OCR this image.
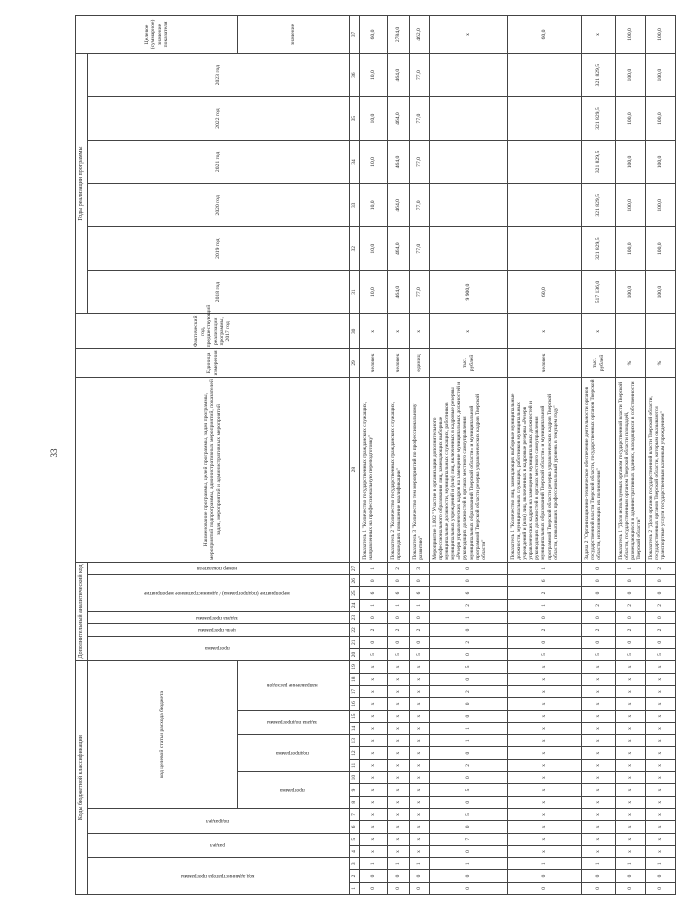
33
Коды бюджетной классификации																			Дополнительный аналитический код								Наименование программы, целей программы, задач программы, мероприятий подпрограммы, административных мероприятий, показателей задач, мероприятий и административных мероприятий	Единица измерения	Фактический год, предшествующий реализации программы, 2017 год	Годы реализации программы						Целевое (суммарное) значение показателя
код администратора программы			раздел		подраздел		код целевой статьи расхода бюджета												программа		цель программы	задача программы	мероприятие (подпрограмма) / административное мероприятие			номер показателя				2018 год	2019 год	2020 год	2021 год	2022 год	2023 год	
							программа			подпрограмма			задача подпрограммы		направление расходов																					значение
1	2	3	4	5	6	7	8	9	10	11	12	13	14	15	16	17	18	19	20	21	22	23	24	25	26	27	28	29	30	31	32	33	34	35	36	37
0	0	1	x	x	x	x	x	x	x	x	x	x	x	x	x	x	x	x	5	0	2	0	1	6	0	1	Показатель 1 "Количество государственных гражданских служащих, направленных на профессиональную переподготовку"	человек	x	10,0	10,0	10,0	10,0	10,0	10,0	60,0
0	0	1	x	x	x	x	x	x	x	x	x	x	x	x	x	x	x	x	5	0	2	0	1	6	0	2	Показатель 2 "Количество государственных гражданских служащих, прошедших повышение квалификации"	человек	x	464,0	464,0	464,0	464,0	464,0	464,0	2784,0
0	0	1	x	x	x	x	x	x	x	x	x	x	x	x	x	x	x	x	5	0	2	0	1	6	0	3	Показатель 3 "Количество тем мероприятий по профессиональному развитию"	единиц	x	77,0	77,0	77,0	77,0	77,0	77,0	462,0
0	0	1	0	7	0	5	0	5	0	2	0	1	1	0	0	2	0	5	0	2	0	1	2	6	0	0	Мероприятие 1.002 "Участие в организации дополнительного профессионального образования лиц, замещающих выборные муниципальные должности, муниципальных служащих, работников муниципальных учреждений и (или) лиц, включенных в кадровые резервы «Резерв управленческих кадров на замещение муниципальных должностей и руководящих должностей в органах местного самоуправления муниципальных образований Тверской области» и муниципальной программой Тверской области резерва управленческих кадров Тверской области"	тыс. рублей	x	9 900,0						x
0	0	1	x	x	x	x	x	x	x	x	x	x	x	x	x	x	x	x	5	0	2	0	1	2	6	1	Показатель 1 "Количество лиц, замещающих выборные муниципальные должности, муниципальных служащих, работников муниципальных учреждений и (или) лиц, включенных в кадровые резервы «Резерв управленческих кадров на замещение муниципальных должностей и руководящих должностей в органах местного самоуправления муниципальных образований Тверской области» и муниципальной программой Тверской области резерва управленческих кадров Тверской области, повысивших профессиональный уровень в текущем году"	человек	x	60,0						60,0
0	0	1	x	x	x	x	x	x	x	x	x	x	x	x	x	x	x	x	5	0	2	0	2	0	0	0	Задача 2 "Организационно-техническое обеспечение деятельности органов государственной власти Тверской области, государственных органов Тверской области, исполняющих их полномочия"	тыс. рублей	x	517 136,0	321 829,5	321 829,5	321 829,5	321 829,5	321 829,5	x
0	0	1	x	x	x	x	x	x	x	x	x	x	x	x	x	x	x	x	5	0	2	0	2	0	0	1	Показатель 1 "Доля используемых органом государственной власти Тверской области, государственным органом Тверской области площадей, размещающихся в административных зданиях, находящихся в собственности Тверской области"	%		100,0	100,0	100,0	100,0	100,0	100,0	100,0
0	0	1	x	x	x	x	x	x	x	x	x	x	x	x	x	x	x	x	5	0	2	0	2	0	0	2	Показатель 2 "Доля органов государственной власти Тверской области, государственных органов Тверской области, которым оказываются транспортные услуги государственным казенным учреждением"	%		100,0	100,0	100,0	100,0	100,0	100,0	100,0
